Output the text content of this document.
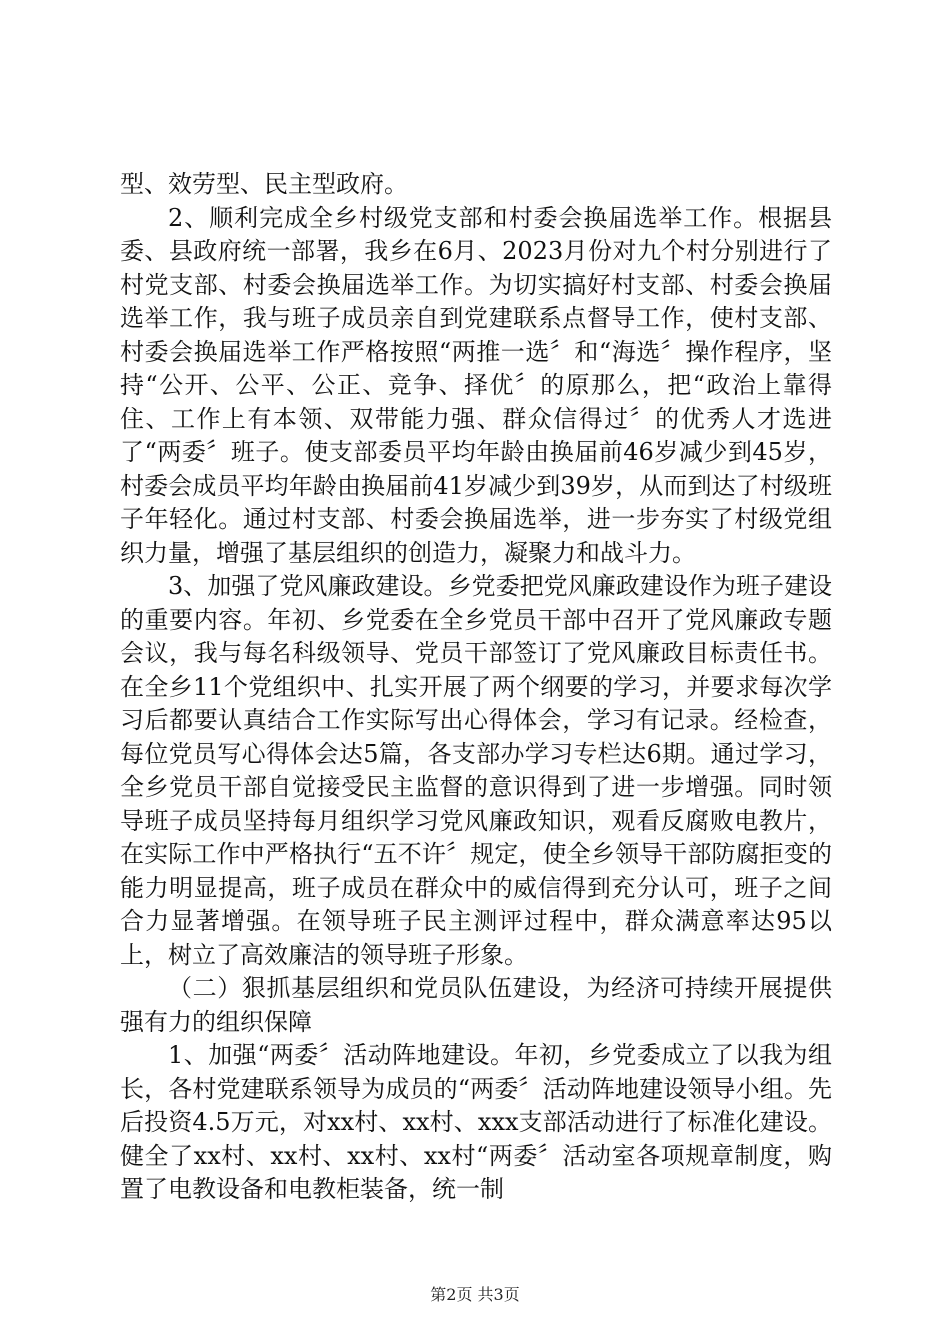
型、效劳型、民主型政府。

2、顺利完成全乡村级党支部和村委会换届选举工作。根据县委、县政府统一部署，我乡在6月、2023月份对九个村分别进行了村党支部、村委会换届选举工作。为切实搞好村支部、村委会换届选举工作，我与班子成员亲自到党建联系点督导工作，使村支部、村委会换届选举工作严格按照“两推一选〞和“海选〞操作程序，坚持“公开、公平、公正、竞争、择优〞的原那么，把“政治上靠得住、工作上有本领、双带能力强、群众信得过〞的优秀人才选进了“两委〞班子。使支部委员平均年龄由换届前46岁减少到45岁，村委会成员平均年龄由换届前41岁减少到39岁，从而到达了村级班子年轻化。通过村支部、村委会换届选举，进一步夯实了村级党组织力量，增强了基层组织的创造力，凝聚力和战斗力。

3、加强了党风廉政建设。乡党委把党风廉政建设作为班子建设的重要内容。年初、乡党委在全乡党员干部中召开了党风廉政专题会议，我与每名科级领导、党员干部签订了党风廉政目标责任书。在全乡11个党组织中、扎实开展了两个纲要的学习，并要求每次学习后都要认真结合工作实际写出心得体会，学习有记录。经检查，每位党员写心得体会达5篇，各支部办学习专栏达6期。通过学习，全乡党员干部自觉接受民主监督的意识得到了进一步增强。同时领导班子成员坚持每月组织学习党风廉政知识，观看反腐败电教片，在实际工作中严格执行“五不许〞规定，使全乡领导干部防腐拒变的能力明显提高，班子成员在群众中的威信得到充分认可，班子之间合力显著增强。在领导班子民主测评过程中，群众满意率达95以上，树立了高效廉洁的领导班子形象。

（二）狠抓基层组织和党员队伍建设，为经济可持续开展提供强有力的组织保障

1、加强“两委〞活动阵地建设。年初，乡党委成立了以我为组长，各村党建联系领导为成员的“两委〞活动阵地建设领导小组。先后投资4.5万元，对xx村、xx村、xxx支部活动进行了标准化建设。健全了xx村、xx村、xx村、xx村“两委〞活动室各项规章制度，购置了电教设备和电教柜装备，统一制

第2页 共3页
